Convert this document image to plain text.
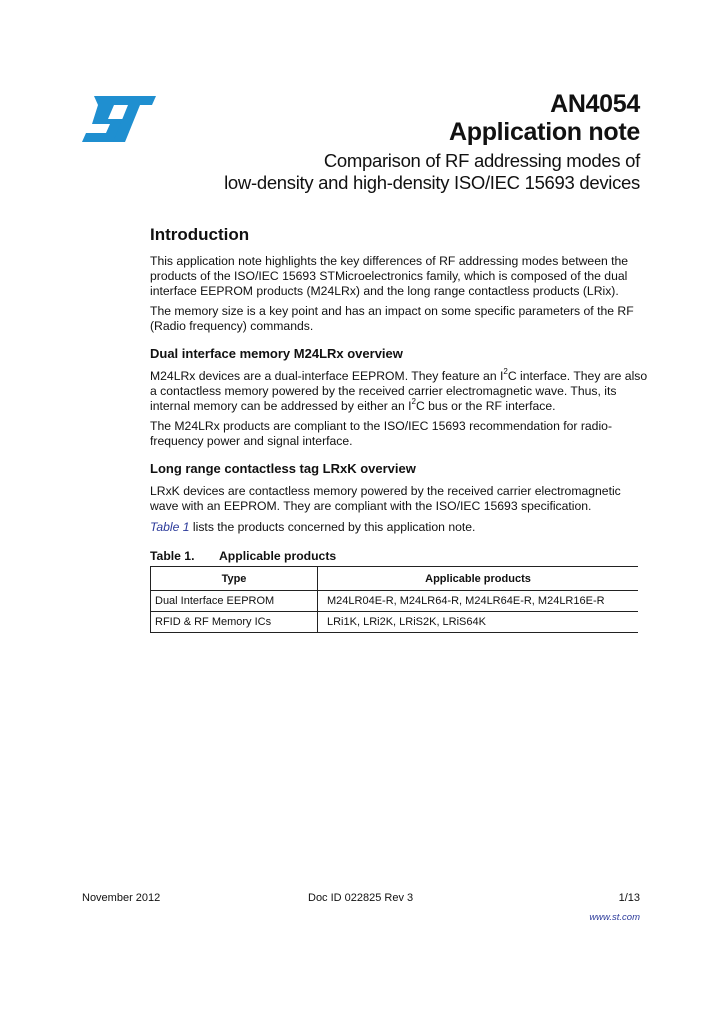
AN4054
Application note
Comparison of RF addressing modes of
low-density and high-density ISO/IEC 15693 devices
Introduction
This application note highlights the key differences of RF addressing modes between the
products of the ISO/IEC 15693 STMicroelectronics family, which is composed of the dual
interface EEPROM products (M24LRx) and the long range contactless products (LRix).
The memory size is a key point and has an impact on some specific parameters of the RF
(Radio frequency) commands.
Dual interface memory M24LRx overview
M24LRx devices are a dual-interface EEPROM. They feature an $I^2C$ interface. They are also
a contactless memory powered by the received carrier electromagnetic wave. Thus, its
internal memory can be addressed by either an $I^2C$ bus or the RF interface.
The M24LRx products are compliant to the ISO/IEC 15693 recommendation for radio-
frequency power and signal interface.
Long range contactless tag LRxK overview
LRxK devices are contactless memory powered by the received carrier electromagnetic
wave with an EEPROM. They are compliant with the ISO/IEC 15693 specification.
Table 1 lists the products concerned by this application note.
Table 1. Applicable products
Type	Applicable products
Dual Interface EEPROM	M24LR04E-R, M24LR64-R, M24LR64E-R, M24LR16E-R
RFID & RF Memory ICs	LRi1K, LRi2K, LRiS2K, LRiS64K
November 2012	Doc ID 022825 Rev 3	1/13
www.st.com
